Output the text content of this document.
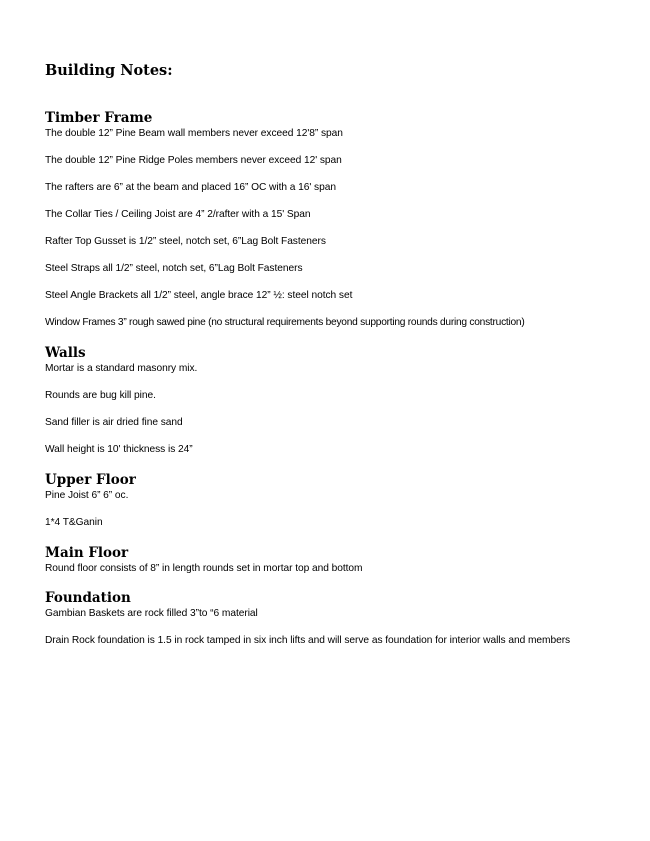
Building Notes:
Timber Frame

The double 12” Pine Beam wall members never exceed 12'8” span

The double 12” Pine Ridge Poles members never exceed 12' span

The rafters are 6” at the beam and placed 16” OC with a 16' span

The Collar Ties / Ceiling Joist are 4” 2/rafter with a 15' Span

Rafter Top Gusset is 1/2” steel, notch set, 6”Lag Bolt Fasteners

Steel Straps all 1/2” steel, notch set, 6”Lag Bolt Fasteners

Steel Angle Brackets all 1/2” steel, angle brace 12” ½: steel notch set

Window Frames 3” rough sawed pine (no structural requirements beyond supporting rounds during construction)

Walls

Mortar is a standard masonry mix.

Rounds are bug kill pine.

Sand filler is air dried fine sand

Wall height is 10' thickness is 24”

Upper Floor

Pine Joist 6” 6” oc.

1*4 T&Ganin

Main Floor

Round floor consists of 8” in length rounds set in mortar top and bottom

Foundation

Gambian Baskets are rock filled 3”to “6 material

Drain Rock foundation is 1.5 in rock tamped in six inch lifts and will serve as foundation for interior walls and members
